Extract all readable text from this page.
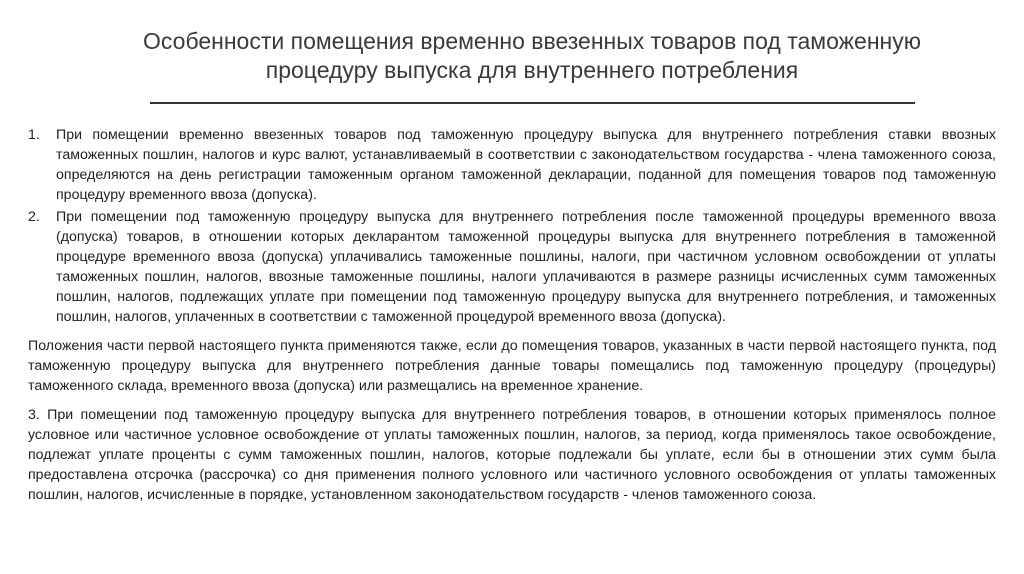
Особенности помещения временно ввезенных товаров под таможенную
процедуру выпуска для внутреннего потребления
1. При помещении временно ввезенных товаров под таможенную процедуру выпуска для внутреннего потребления ставки ввозных таможенных пошлин, налогов и курс валют, устанавливаемый в соответствии с законодательством государства - члена таможенного союза, определяются на день регистрации таможенным органом таможенной декларации, поданной для помещения товаров под таможенную процедуру временного ввоза (допуска).
2. При помещении под таможенную процедуру выпуска для внутреннего потребления после таможенной процедуры временного ввоза (допуска) товаров, в отношении которых декларантом таможенной процедуры выпуска для внутреннего потребления в таможенной процедуре временного ввоза (допуска) уплачивались таможенные пошлины, налоги, при частичном условном освобождении от уплаты таможенных пошлин, налогов, ввозные таможенные пошлины, налоги уплачиваются в размере разницы исчисленных сумм таможенных пошлин, налогов, подлежащих уплате при помещении под таможенную процедуру выпуска для внутреннего потребления, и таможенных пошлин, налогов, уплаченных в соответствии с таможенной процедурой временного ввоза (допуска).

Положения части первой настоящего пункта применяются также, если до помещения товаров, указанных в части первой настоящего пункта, под таможенную процедуру выпуска для внутреннего потребления данные товары помещались под таможенную процедуру (процедуры) таможенного склада, временного ввоза (допуска) или размещались на временное хранение.

3. При помещении под таможенную процедуру выпуска для внутреннего потребления товаров, в отношении которых применялось полное условное или частичное условное освобождение от уплаты таможенных пошлин, налогов, за период, когда применялось такое освобождение, подлежат уплате проценты с сумм таможенных пошлин, налогов, которые подлежали бы уплате, если бы в отношении этих сумм была предоставлена отсрочка (рассрочка) со дня применения полного условного или частичного условного освобождения от уплаты таможенных пошлин, налогов, исчисленные в порядке, установленном законодательством государств - членов таможенного союза.
